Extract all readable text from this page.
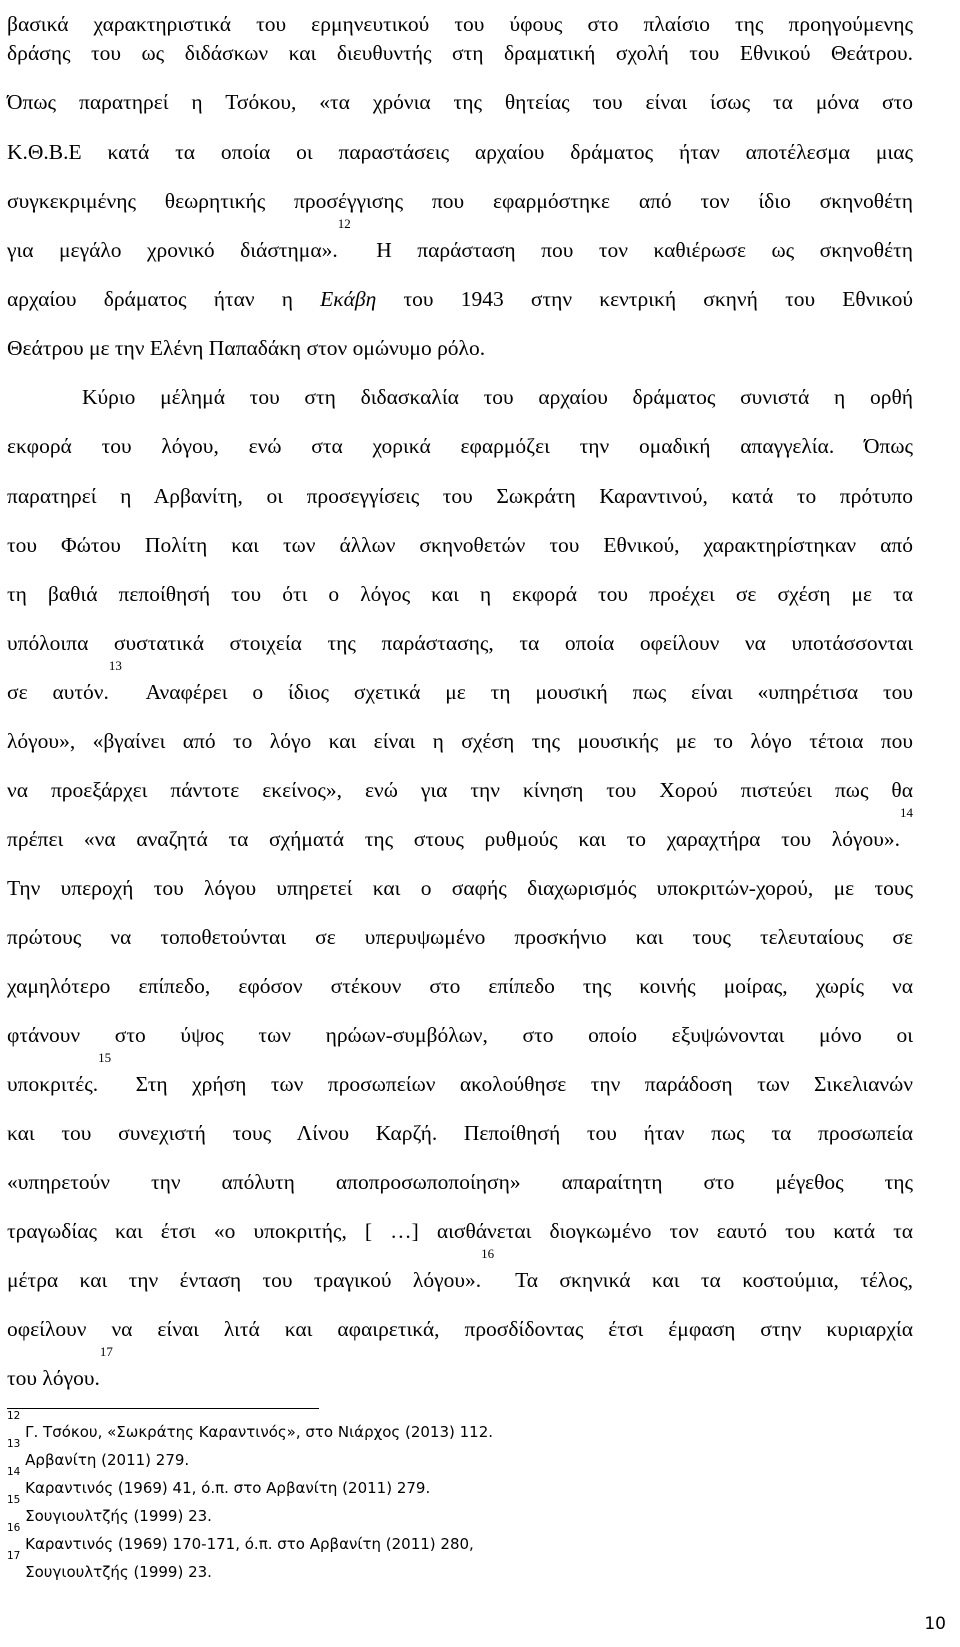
βασικά χαρακτηριστικά του ερμηνευτικού του ύφους στο πλαίσιο της προηγούμενης
δράσης του ως διδάσκων και διευθυντής στη δραματική σχολή του Εθνικού Θεάτρου.
Όπως παρατηρεί η Τσόκου, «τα χρόνια της θητείας του είναι ίσως τα μόνα στο
Κ.Θ.Β.Ε κατά τα οποία οι παραστάσεις αρχαίου δράματος ήταν αποτέλεσμα μιας
συγκεκριμένης θεωρητικής προσέγγισης που εφαρμόστηκε από τον ίδιο σκηνοθέτη
για μεγάλο χρονικό διάστημα».$^{12}$ Η παράσταση που τον καθιέρωσε ως σκηνοθέτη
αρχαίου δράματος ήταν η Εκάβη του 1943 στην κεντρική σκηνή του Εθνικού
Θεάτρου με την Ελένη Παπαδάκη στον ομώνυμο ρόλο.
Κύριο μέλημά του στη διδασκαλία του αρχαίου δράματος συνιστά η ορθή
εκφορά του λόγου, ενώ στα χορικά εφαρμόζει την ομαδική απαγγελία. Όπως
παρατηρεί η Αρβανίτη, οι προσεγγίσεις του Σωκράτη Καραντινού, κατά το πρότυπο
του Φώτου Πολίτη και των άλλων σκηνοθετών του Εθνικού, χαρακτηρίστηκαν από
τη βαθιά πεποίθησή του ότι ο λόγος και η εκφορά του προέχει σε σχέση με τα
υπόλοιπα συστατικά στοιχεία της παράστασης, τα οποία οφείλουν να υποτάσσονται
σε αυτόν.$^{13}$ Αναφέρει ο ίδιος σχετικά με τη μουσική πως είναι «υπηρέτισα του
λόγου», «βγαίνει από το λόγο και είναι η σχέση της μουσικής με το λόγο τέτοια που
να προεξάρχει πάντοτε εκείνος», ενώ για την κίνηση του Χορού πιστεύει πως θα
πρέπει «να αναζητά τα σχήματά της στους ρυθμούς και το χαραχτήρα του λόγου».$^{14}$
Την υπεροχή του λόγου υπηρετεί και ο σαφής διαχωρισμός υποκριτών-χορού, με τους
πρώτους να τοποθετούνται σε υπερυψωμένο προσκήνιο και τους τελευταίους σε
χαμηλότερο επίπεδο, εφόσον στέκουν στο επίπεδο της κοινής μοίρας, χωρίς να
φτάνουν στο ύψος των ηρώων-συμβόλων, στο οποίο εξυψώνονται μόνο οι
υποκριτές.$^{15}$ Στη χρήση των προσωπείων ακολούθησε την παράδοση των Σικελιανών
και του συνεχιστή τους Λίνου Καρζή. Πεποίθησή του ήταν πως τα προσωπεία
«υπηρετούν την απόλυτη αποπροσωποποίηση» απαραίτητη στο μέγεθος της
τραγωδίας και έτσι «ο υποκριτής, [ …] αισθάνεται διογκωμένο τον εαυτό του κατά τα
μέτρα και την ένταση του τραγικού λόγου».$^{16}$ Τα σκηνικά και τα κοστούμια, τέλος,
οφείλουν να είναι λιτά και αφαιρετικά, προσδίδοντας έτσι έμφαση στην κυριαρχία
του λόγου.$^{17}$
$^{12}$ Γ. Τσόκου, «Σωκράτης Καραντινός», στο Νιάρχος (2013) 112.
$^{13}$ Αρβανίτη (2011) 279.
$^{14}$ Καραντινός (1969) 41, ό.π. στο Αρβανίτη (2011) 279.
$^{15}$ Σουγιουλτζής (1999) 23.
$^{16}$ Καραντινός (1969) 170-171, ό.π. στο Αρβανίτη (2011) 280,
$^{17}$ Σουγιουλτζής (1999) 23.
10
